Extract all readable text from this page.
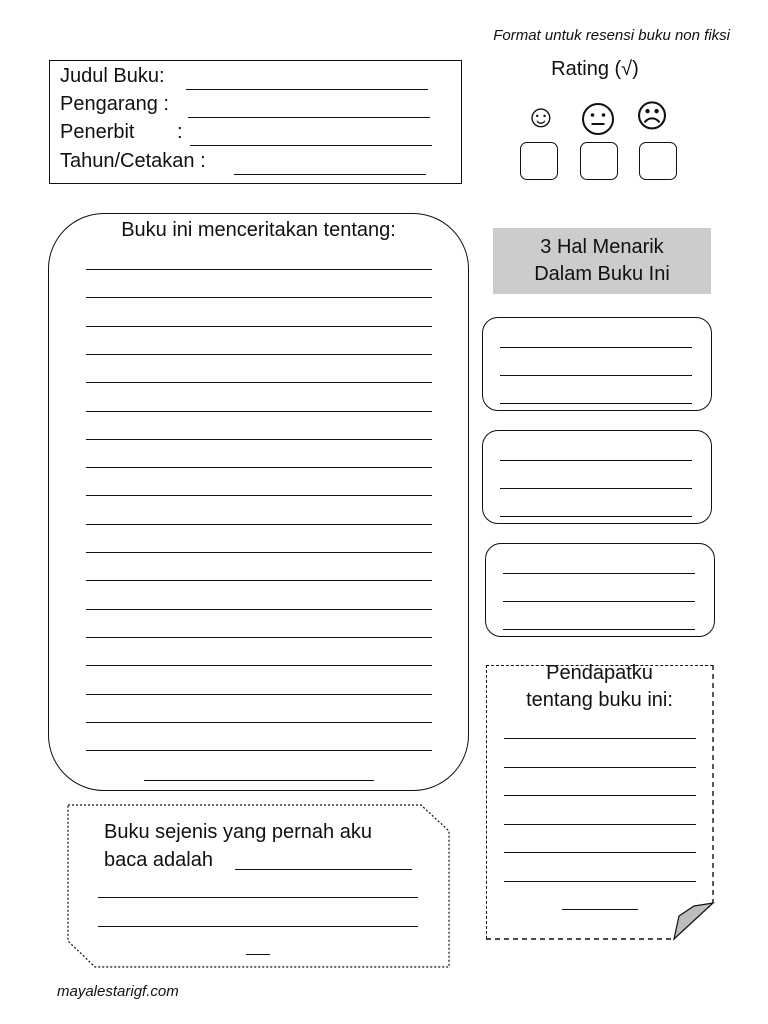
Format untuk resensi buku non fiksi
Judul Buku:
Pengarang :
Penerbit :
Tahun/Cetakan :
Rating (√)
☺ ☹
Buku ini menceritakan tentang:
3 Hal Menarik
Dalam Buku Ini
Pendapatku
tentang buku ini:
Buku sejenis yang pernah aku
baca adalah
mayalestarigf.com
